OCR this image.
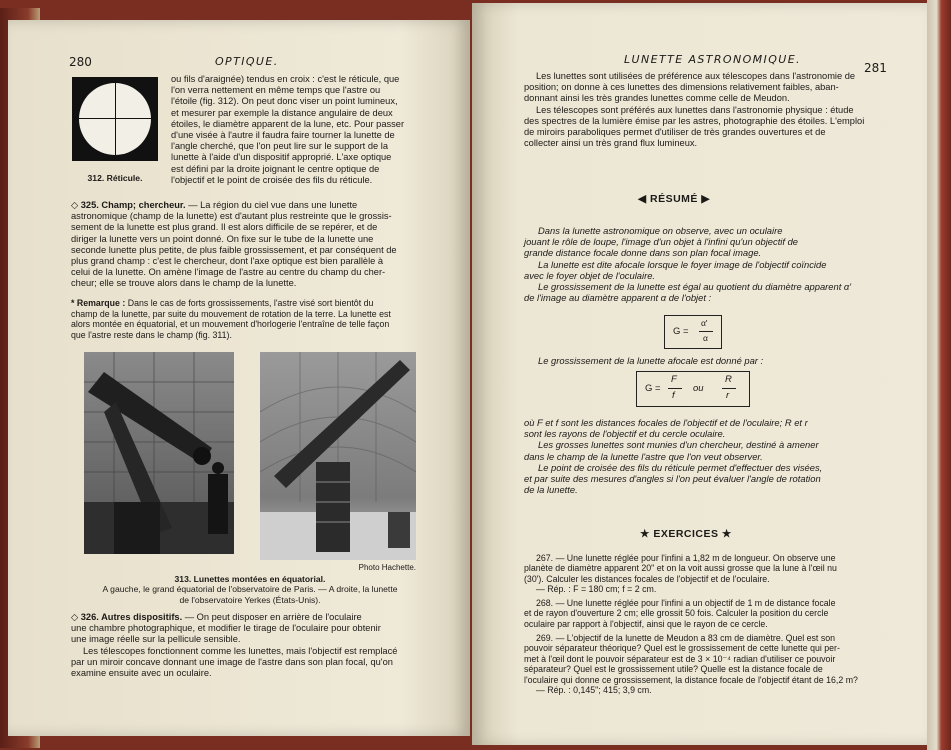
280	OPTIQUE.
312. Réticule.
ou fils d'araignée) tendus en croix : c'est le réticule, que
l'on verra nettement en même temps que l'astre ou
l'étoile (fig. 312). On peut donc viser un point lumineux,
et mesurer par exemple la distance angulaire de deux
étoiles, le diamètre apparent de la lune, etc. Pour passer
d'une visée à l'autre il faudra faire tourner la lunette de
l'angle cherché, que l'on peut lire sur le support de la
lunette à l'aide d'un dispositif approprié. L'axe optique
est défini par la droite joignant le centre optique de
l'objectif et le point de croisée des fils du réticule.
◇ 325. Champ; chercheur. — La région du ciel vue dans une lunette
astronomique (champ de la lunette) est d'autant plus restreinte que le grossis-
sement de la lunette est plus grand. Il est alors difficile de se repérer, et de
diriger la lunette vers un point donné. On fixe sur le tube de la lunette une
seconde lunette plus petite, de plus faible grossissement, et par conséquent de
plus grand champ : c'est le chercheur, dont l'axe optique est bien parallèle à
celui de la lunette. On amène l'image de l'astre au centre du champ du cher-
cheur; elle se trouve alors dans le champ de la lunette.
* Remarque : Dans le cas de forts grossissements, l'astre visé sort bientôt du
champ de la lunette, par suite du mouvement de rotation de la terre. La lunette est
alors montée en équatorial, et un mouvement d'horlogerie l'entraîne de telle façon
que l'astre reste dans le champ (fig. 311).
Photo Hachette.
313. Lunettes montées en équatorial.
A gauche, le grand équatorial de l'observatoire de Paris. — A droite, la lunette
de l'observatoire Yerkes (États-Unis).
◇ 326. Autres dispositifs. — On peut disposer en arrière de l'oculaire
une chambre photographique, et modifier le tirage de l'oculaire pour obtenir
une image réelle sur la pellicule sensible.
Les télescopes fonctionnent comme les lunettes, mais l'objectif est remplacé
par un miroir concave donnant une image de l'astre dans son plan focal, qu'on
examine ensuite avec un oculaire.
LUNETTE ASTRONOMIQUE.
281
Les lunettes sont utilisées de préférence aux télescopes dans l'astronomie de
position; on donne à ces lunettes des dimensions relativement faibles, aban-
donnant ainsi les très grandes lunettes comme celle de Meudon.
Les télescopes sont préférés aux lunettes dans l'astronomie physique : étude
des spectres de la lumière émise par les astres, photographie des étoiles. L'emploi
de miroirs paraboliques permet d'utiliser de très grandes ouvertures et de
collecter ainsi un très grand flux lumineux.
◀ RÉSUMÉ ▶
Dans la lunette astronomique on observe, avec un oculaire
jouant le rôle de loupe, l'image d'un objet à l'infini qu'un objectif de
grande distance focale donne dans son plan focal image.
La lunette est dite afocale lorsque le foyer image de l'objectif coïncide
avec le foyer objet de l'oculaire.
Le grossissement de la lunette est égal au quotient du diamètre apparent α'
de l'image au diamètre apparent α de l'objet :
G =
α'
α
Le grossissement de la lunette afocale est donné par :
G =
F
f
ou
R
r
où F et f sont les distances focales de l'objectif et de l'oculaire; R et r
sont les rayons de l'objectif et du cercle oculaire.
Les grosses lunettes sont munies d'un chercheur, destiné à amener
dans le champ de la lunette l'astre que l'on veut observer.
Le point de croisée des fils du réticule permet d'effectuer des visées,
et par suite des mesures d'angles si l'on peut évaluer l'angle de rotation
de la lunette.
★ EXERCICES ★
267. — Une lunette réglée pour l'infini a 1,82 m de longueur. On observe une
planète de diamètre apparent 20" et on la voit aussi grosse que la lune à l'œil nu
(30'). Calculer les distances focales de l'objectif et de l'oculaire.
— Rép. : F = 180 cm; f = 2 cm.
268. — Une lunette réglée pour l'infini a un objectif de 1 m de distance focale
et de rayon d'ouverture 2 cm; elle grossit 50 fois. Calculer la position du cercle
oculaire par rapport à l'objectif, ainsi que le rayon de ce cercle.
269. — L'objectif de la lunette de Meudon a 83 cm de diamètre. Quel est son
pouvoir séparateur théorique? Quel est le grossissement de cette lunette qui per-
met à l'œil dont le pouvoir séparateur est de 3 × 10⁻⁴ radian d'utiliser ce pouvoir
séparateur? Quel est le grossissement utile? Quelle est la distance focale de
l'oculaire qui donne ce grossissement, la distance focale de l'objectif étant de 16,2 m?
— Rép. : 0,145"; 415; 3,9 cm.
